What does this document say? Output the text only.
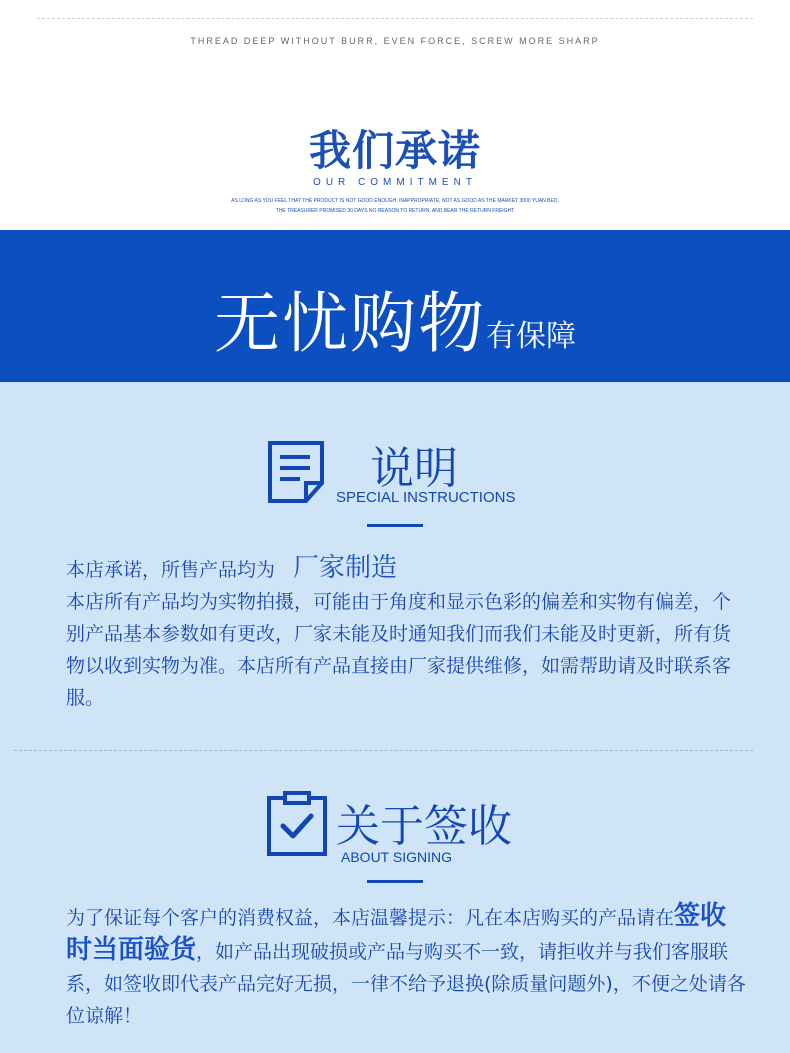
THREAD DEEP WITHOUT BURR, EVEN FORCE, SCREW MORE SHARP
我们承诺
OUR COMMITMENT
AS LONG AS YOU FEEL THAT THE PRODUCT IS NOT GOOD ENOUGH, INAPPROPRIATE, NOT AS GOOD AS THE MARKET 3000 YUAN BED,
THE TREASURER PROMISED 30 DAYS NO REASON TO RETURN, AND BEAR THE RETURN FREIGHT
无忧购物有保障
说明
SPECIAL INSTRUCTIONS
本店承诺，所售产品均为 厂家制造
本店所有产品均为实物拍摄，可能由于角度和显示色彩的偏差和实物有偏差，个别产品基本参数如有更改，厂家未能及时通知我们而我们未能及时更新，所有货物以收到实物为准。本店所有产品直接由厂家提供维修，如需帮助请及时联系客服。
关于签收
ABOUT SIGNING
为了保证每个客户的消费权益，本店温馨提示：凡在本店购买的产品请在签收时当面验货，如产品出现破损或产品与购买不一致，请拒收并与我们客服联系，如签收即代表产品完好无损，一律不给予退换(除质量问题外)，不便之处请各位谅解！
